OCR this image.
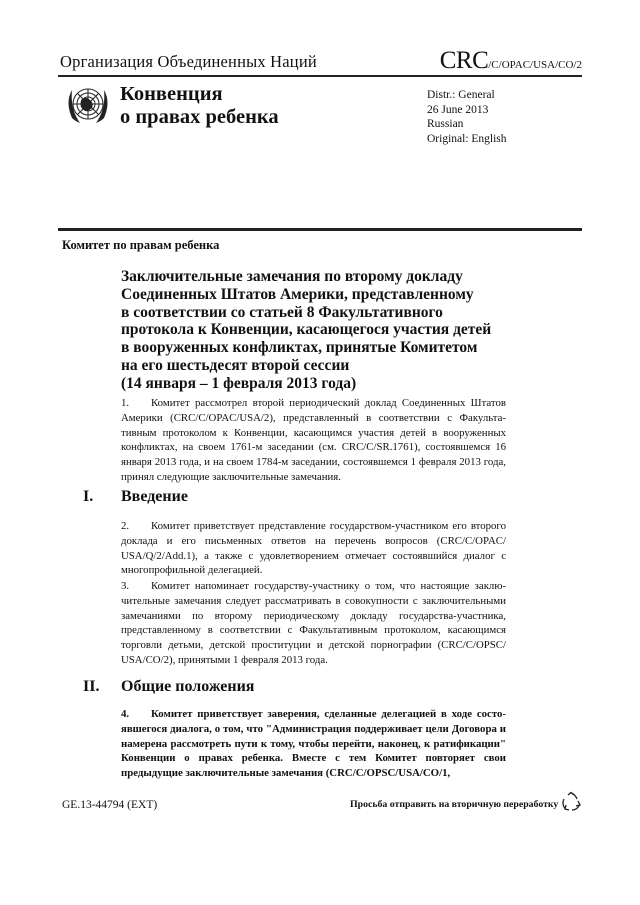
Организация Объединенных Наций	CRC/C/OPAC/USA/CO/2
Конвенция
о правах ребенка
Distr.: General
26 June 2013
Russian
Original: English
Комитет по правам ребенка
Заключительные замечания по второму докладу
Соединенных Штатов Америки, представленному
в соответствии со статьей 8 Факультативного
протокола к Конвенции, касающегося участия детей
в вооруженных конфликтах, принятые Комитетом
на его шестьдесят второй сессии
(14 января – 1 февраля 2013 года)
1. Комитет рассмотрел второй периодический доклад Соединенных Штатов Америки (CRC/C/OPAC/USA/2), представленный в соответствии с Факультативным протоколом к Конвенции, касающимся участия детей в вооруженных конфликтах, на своем 1761-м заседании (см. CRC/C/SR.1761), состоявшемся 16 января 2013 года, и на своем 1784-м заседании, состоявшемся 1 февраля 2013 года, принял следующие заключительные замечания.
I. Введение
2. Комитет приветствует представление государством-участником его второго доклада и его письменных ответов на перечень вопросов (CRC/C/OPAC/ USA/Q/2/Add.1), а также с удовлетворением отмечает состоявшийся диалог с многопрофильной делегацией.
3. Комитет напоминает государству-участнику о том, что настоящие заключительные замечания следует рассматривать в совокупности с заключительными замечаниями по второму периодическому докладу государства-участника, представленному в соответствии с Факультативным протоколом, касающимся торговли детьми, детской проституции и детской порнографии (CRC/C/OPSC/ USA/CO/2), принятыми 1 февраля 2013 года.
II. Общие положения
4. Комитет приветствует заверения, сделанные делегацией в ходе состоявшегося диалога, о том, что "Администрация поддерживает цели Договора и намерена рассмотреть пути к тому, чтобы перейти, наконец, к ратификации" Конвенции о правах ребенка. Вместе с тем Комитет повторяет свои предыдущие заключительные замечания (CRC/C/OPSC/USA/CO/1,
GE.13-44794 (EXT)	Просьба отправить на вторичную переработку
